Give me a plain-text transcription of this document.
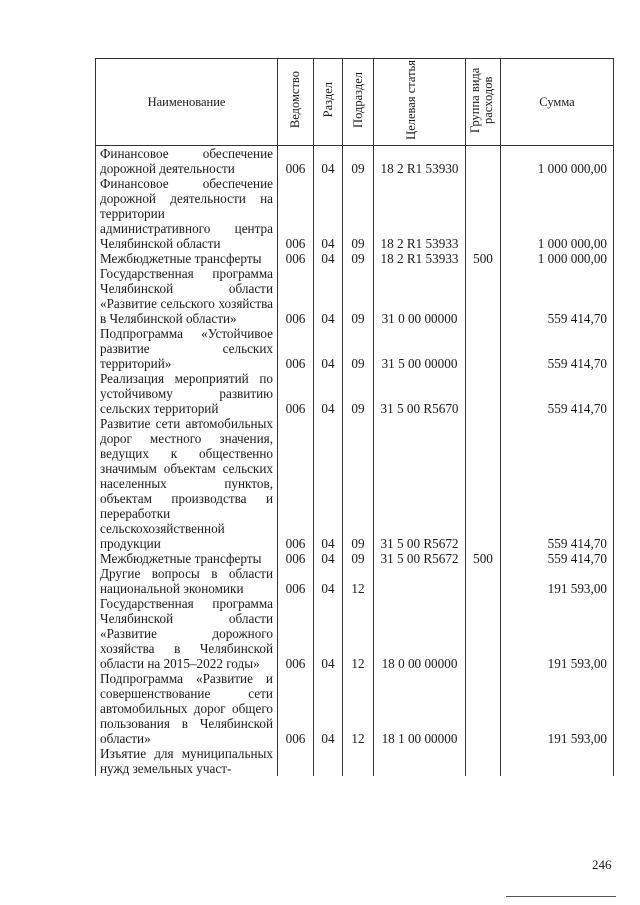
Наименование	Ведомство	Раздел	Подраздел	Целевая статья	Группа вида расходов	Сумма
Финансовое обеспечение дорожной деятельности	006	04	09	18 2 R1 53930		1 000 000,00
Финансовое обеспечение дорожной деятельности на территории административного центра Челябинской области	006	04	09	18 2 R1 53933		1 000 000,00
Межбюджетные трансферты	006	04	09	18 2 R1 53933	500	1 000 000,00
Государственная программа Челябинской области «Развитие сельского хозяйства в Челябинской области»	006	04	09	31 0 00 00000		559 414,70
Подпрограмма «Устойчивое развитие сельских территорий»	006	04	09	31 5 00 00000		559 414,70
Реализация мероприятий по устойчивому развитию сельских территорий	006	04	09	31 5 00 R5670		559 414,70
Развитие сети автомобильных дорог местного значения, ведущих к общественно значимым объектам сельских населенных пунктов, объектам производства и переработки сельскохозяйственной продукции	006	04	09	31 5 00 R5672		559 414,70
Межбюджетные трансферты	006	04	09	31 5 00 R5672	500	559 414,70
Другие вопросы в области национальной экономики	006	04	12			191 593,00
Государственная программа Челябинской области «Развитие дорожного хозяйства в Челябинской области на 2015–2022 годы»	006	04	12	18 0 00 00000		191 593,00
Подпрограмма «Развитие и совершенствование сети автомобильных дорог общего пользования в Челябинской области»	006	04	12	18 1 00 00000		191 593,00
Изъятие для муниципальных нужд земельных участ-						
246
